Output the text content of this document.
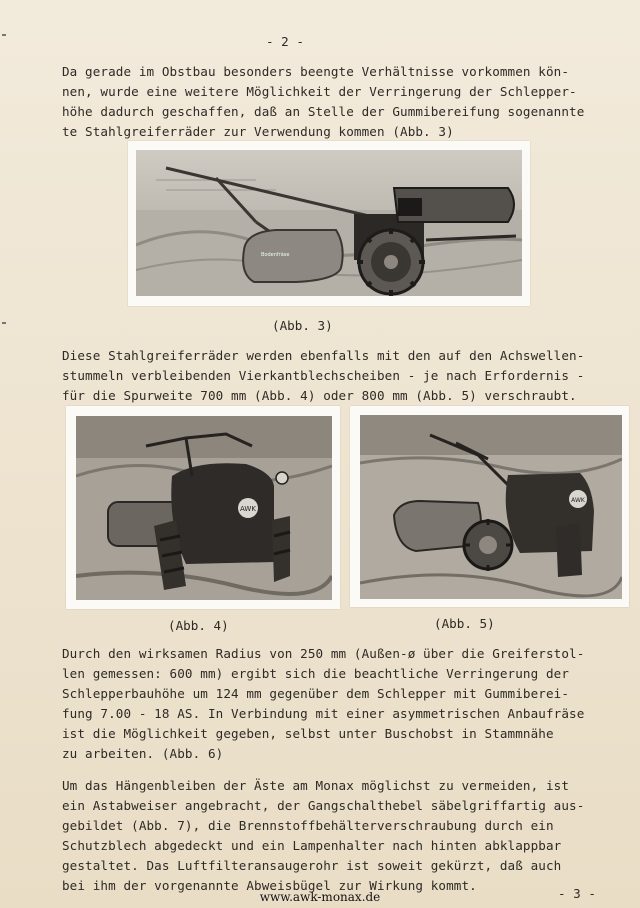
- 2 -
Da gerade im Obstbau besonders beengte Verhältnisse vorkommen kön-
nen, wurde eine weitere Möglichkeit der Verringerung der Schlepper-
höhe dadurch geschaffen, daß an Stelle der Gummibereifung sogenannte
te Stahlgreiferräder zur Verwendung kommen (Abb. 3)
Bodenfräse
(Abb. 3)
Diese Stahlgreiferräder werden ebenfalls mit den auf den Achswellen-
stummeln verbleibenden Vierkantblechscheiben - je nach Erfordernis -
für die Spurweite 700 mm (Abb. 4) oder 800 mm (Abb. 5) verschraubt.
AWK
(Abb. 4)
AWK
(Abb. 5)
Durch den wirksamen Radius von 250 mm (Außen-ø über die Greiferstol-
len gemessen: 600 mm) ergibt sich die beachtliche Verringerung der
Schlepperbauhöhe um 124 mm gegenüber dem Schlepper mit Gummiberei-
fung 7.00 - 18 AS. In Verbindung mit einer asymmetrischen Anbaufräse
ist die Möglichkeit gegeben, selbst unter Buschobst in Stammnähe
zu arbeiten. (Abb. 6)
Um das Hängenbleiben der Äste am Monax möglichst zu vermeiden, ist
ein Astabweiser angebracht, der Gangschalthebel säbelgriffartig aus-
gebildet (Abb. 7), die Brennstoffbehälterverschraubung durch ein
Schutzblech abgedeckt und ein Lampenhalter nach hinten abklappbar
gestaltet. Das Luftfilteransaugerohr ist soweit gekürzt, daß auch
bei ihm der vorgenannte Abweisbügel zur Wirkung kommt.
- 3 -
www.awk-monax.de
